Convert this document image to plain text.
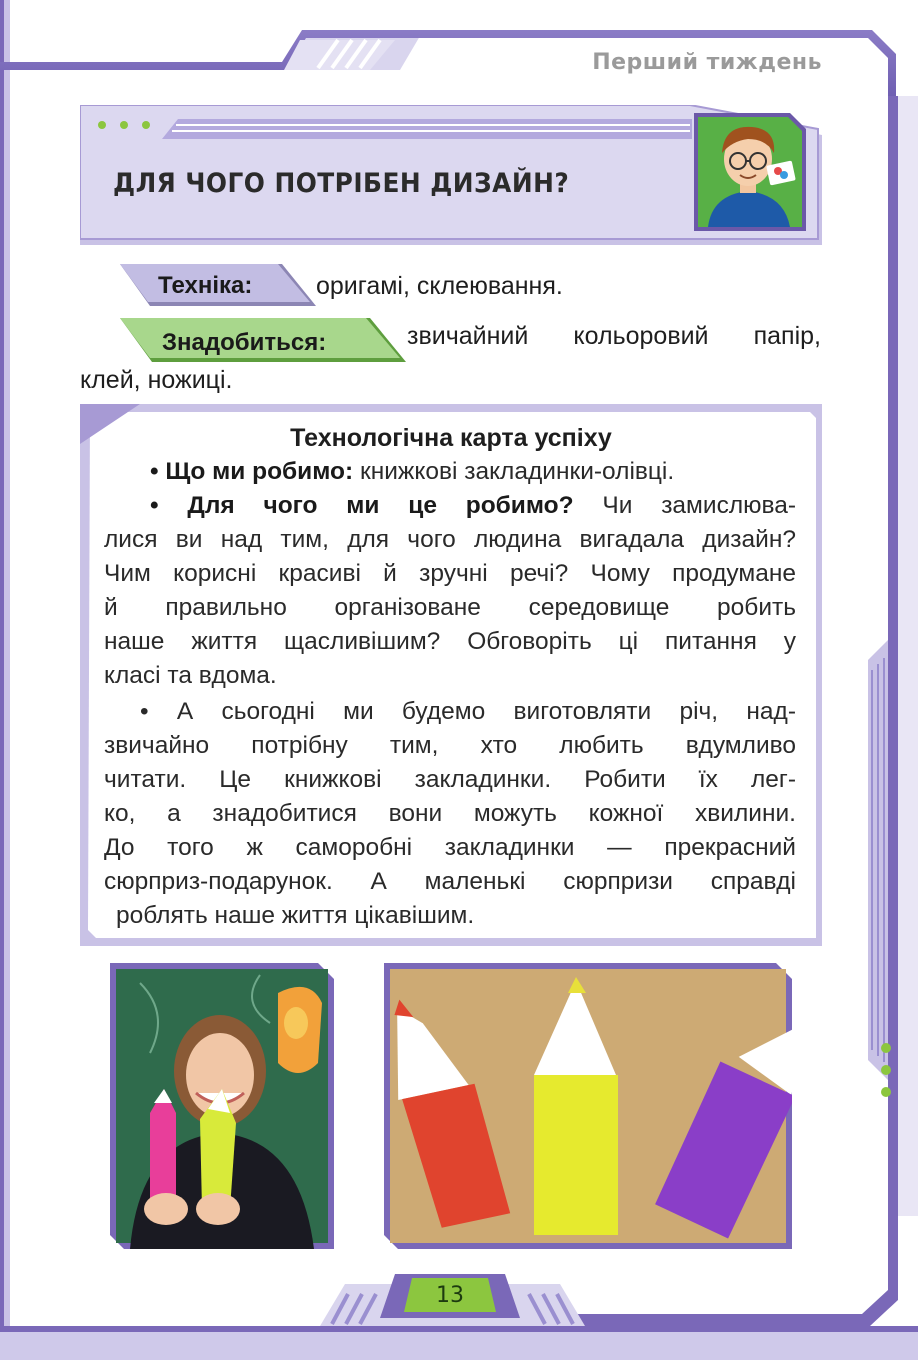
Перший тиждень
ДЛЯ ЧОГО ПОТРІБЕН ДИЗАЙН?
Техніка:	оригамі, склеювання.
Знадобиться:	звичайний кольоровий папір,
клей, ножиці.
Технологічна карта успіху
• Що ми робимо: книжкові закладинки-олівці.
• Для чого ми це робимо? Чи замислюва-
лися ви над тим, для чого людина вигадала дизайн?
Чим корисні красиві й зручні речі? Чому продумане
й правильно організоване середовище робить
наше життя щасливішим? Обговоріть ці питання у
класі та вдома.
• А сьогодні ми будемо виготовляти річ, над-
звичайно потрібну тим, хто любить вдумливо
читати. Це книжкові закладинки. Робити їх лег-
ко, а знадобитися вони можуть кожної хвилини.
До того ж саморобні закладинки — прекрасний
сюрприз-подарунок. А маленькі сюрпризи справді
роблять наше життя цікавішим.
13
